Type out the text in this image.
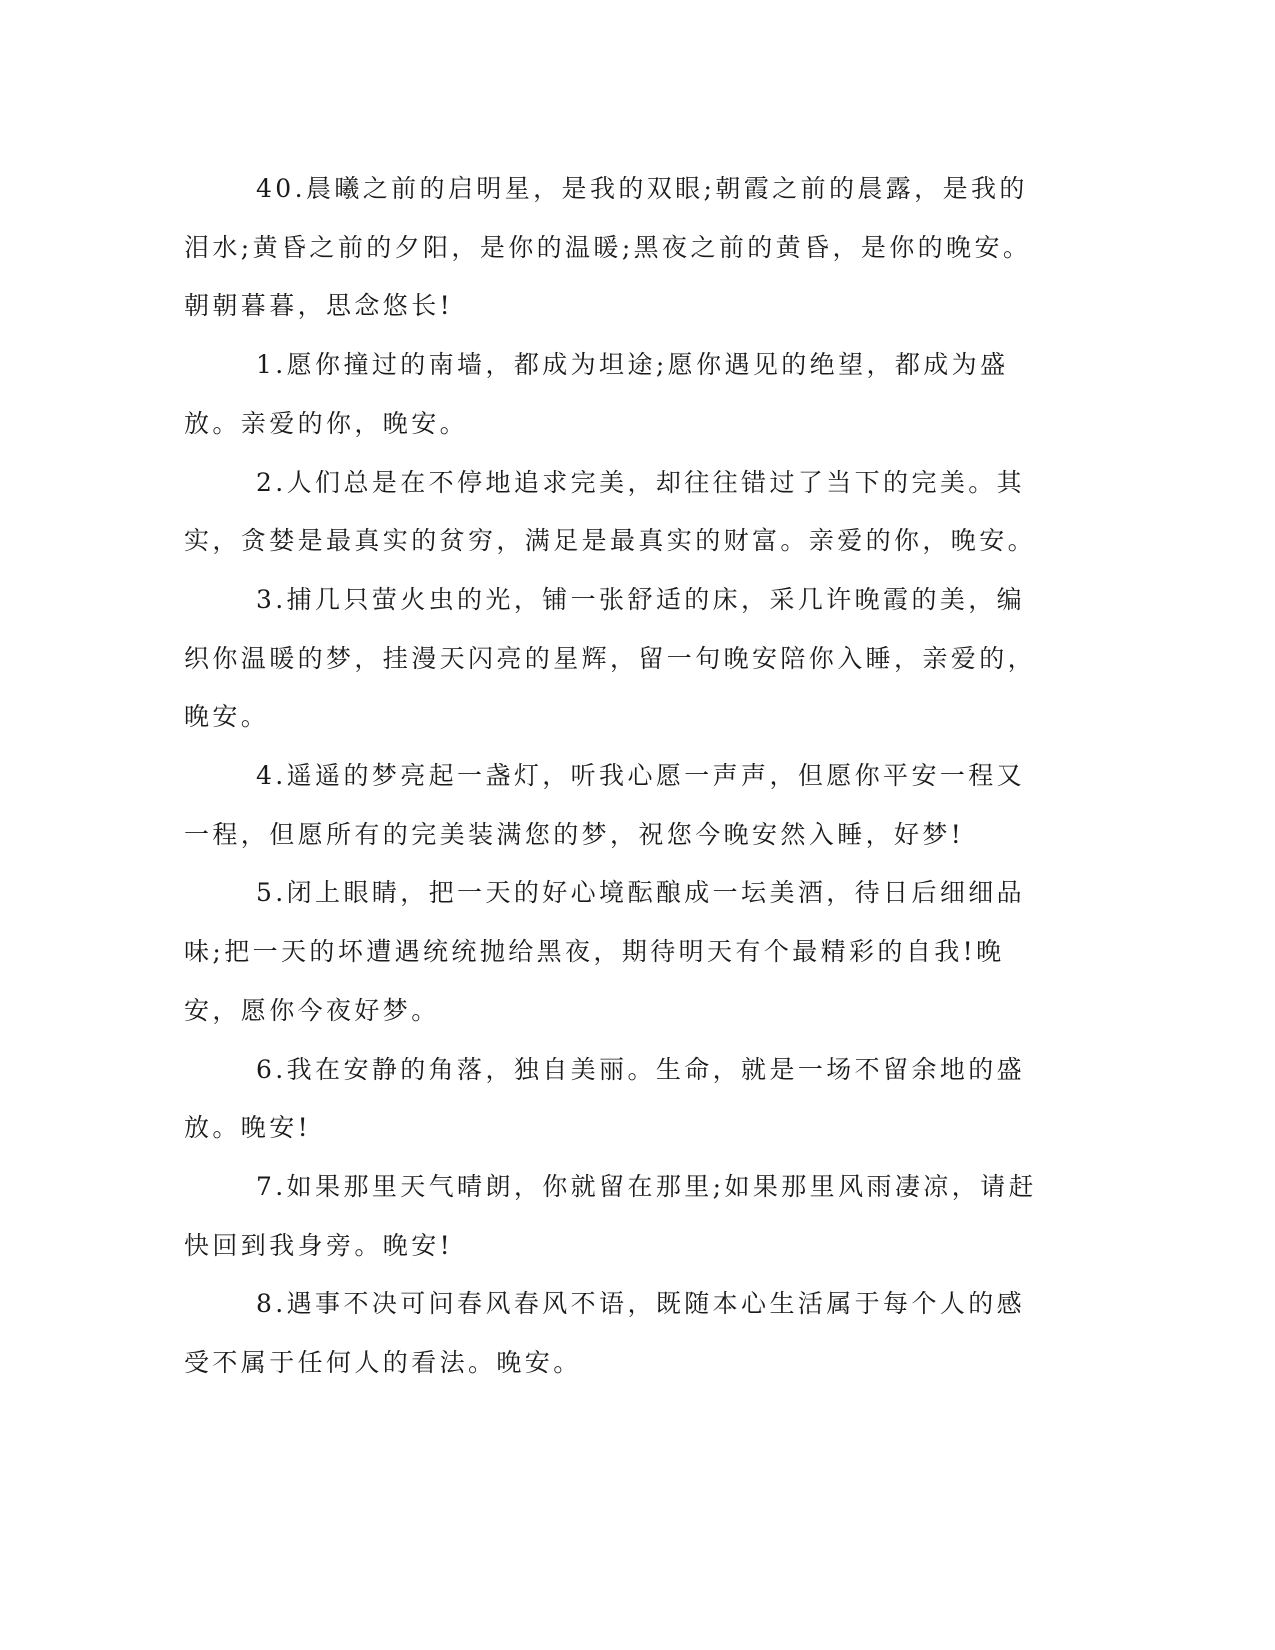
40.晨曦之前的启明星，是我的双眼;朝霞之前的晨露，是我的泪水;黄昏之前的夕阳，是你的温暖;黑夜之前的黄昏，是你的晚安。朝朝暮暮，思念悠长!

1.愿你撞过的南墙，都成为坦途;愿你遇见的绝望，都成为盛放。亲爱的你，晚安。

2.人们总是在不停地追求完美，却往往错过了当下的完美。其实，贪婪是最真实的贫穷，满足是最真实的财富。亲爱的你，晚安。

3.捕几只萤火虫的光，铺一张舒适的床，采几许晚霞的美，编织你温暖的梦，挂漫天闪亮的星辉，留一句晚安陪你入睡，亲爱的，晚安。

4.遥遥的梦亮起一盏灯，听我心愿一声声，但愿你平安一程又一程，但愿所有的完美装满您的梦，祝您今晚安然入睡，好梦!

5.闭上眼睛，把一天的好心境酝酿成一坛美酒，待日后细细品味;把一天的坏遭遇统统抛给黑夜，期待明天有个最精彩的自我!晚安，愿你今夜好梦。

6.我在安静的角落，独自美丽。生命，就是一场不留余地的盛放。晚安!

7.如果那里天气晴朗，你就留在那里;如果那里风雨凄凉，请赶快回到我身旁。晚安!

8.遇事不决可问春风春风不语，既随本心生活属于每个人的感受不属于任何人的看法。晚安。
